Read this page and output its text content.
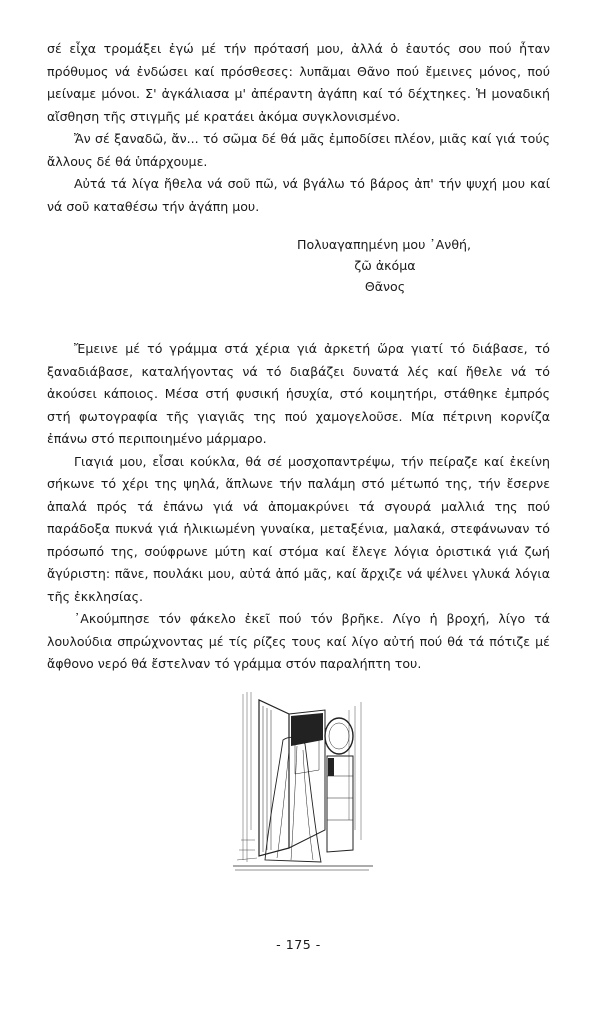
σέ εἶχα τρομάξει ἐγώ μέ τήν πρότασή μου, ἀλλά ὁ ἑαυτός σου πού ἦταν πρόθυμος νά ἐνδώσει καί πρόσθεσες: λυπᾶμαι Θᾶνο πού ἔμεινες μόνος, πού μείναμε μόνοι. Σ' ἀγκάλιασα μ' ἀπέραντη ἀγάπη καί τό δέχτηκες. Ἡ μοναδική αἴσθηση τῆς στιγμῆς μέ κρατάει ἀκόμα συγκλονισμένο.

Ἄν σέ ξαναδῶ, ἄν... τό σῶμα δέ θά μᾶς ἐμποδίσει πλέον, μιᾶς καί γιά τούς ἄλλους δέ θά ὑπάρχουμε.

Αὐτά τά λίγα ἤθελα νά σοῦ πῶ, νά βγάλω τό βάρος ἀπ' τήν ψυχή μου καί νά σοῦ καταθέσω τήν ἀγάπη μου.

Πολυαγαπημένη μου ᾽Ανθή,
ζῶ ἀκόμα
Θᾶνος

Ἔμεινε μέ τό γράμμα στά χέρια γιά ἀρκετή ὥρα γιατί τό διάβασε, τό ξαναδιάβασε, καταλήγοντας νά τό διαβάζει δυνατά λές καί ἤθελε νά τό ἀκούσει κάποιος. Μέσα στή φυσική ἡσυχία, στό κοιμητήρι, στάθηκε ἐμπρός στή φωτογραφία τῆς γιαγιᾶς της πού χαμογελοῦσε. Μία πέτρινη κορνίζα ἐπάνω στό περιποιημένο μάρμαρο.

Γιαγιά μου, εἶσαι κούκλα, θά σέ μοσχοπαντρέψω, τήν πείραζε καί ἐκείνη σήκωνε τό χέρι της ψηλά, ἅπλωνε τήν παλάμη στό μέτωπό της, τήν ἔσερνε ἁπαλά πρός τά ἐπάνω γιά νά ἀπομακρύνει τά σγουρά μαλλιά της πού παράδοξα πυκνά γιά ἡλικιωμένη γυναίκα, μεταξένια, μαλακά, στεφάνωναν τό πρόσωπό της, σούφρωνε μύτη καί στόμα καί ἔλεγε λόγια ὁριστικά γιά ζωή ἄγύριστη: πᾶνε, πουλάκι μου, αὐτά ἀπό μᾶς, καί ἄρχιζε νά ψέλνει γλυκά λόγια τῆς ἐκκλησίας.

᾽Ακούμπησε τόν φάκελο ἐκεῖ πού τόν βρῆκε. Λίγο ἡ βροχή, λίγο τά λουλούδια σπρώχνοντας μέ τίς ρίζες τους καί λίγο αὐτή πού θά τά πότιζε μέ ἄφθονο νερό θά ἔστελναν τό γράμμα στόν παραλήπτη του.

- 175 -
